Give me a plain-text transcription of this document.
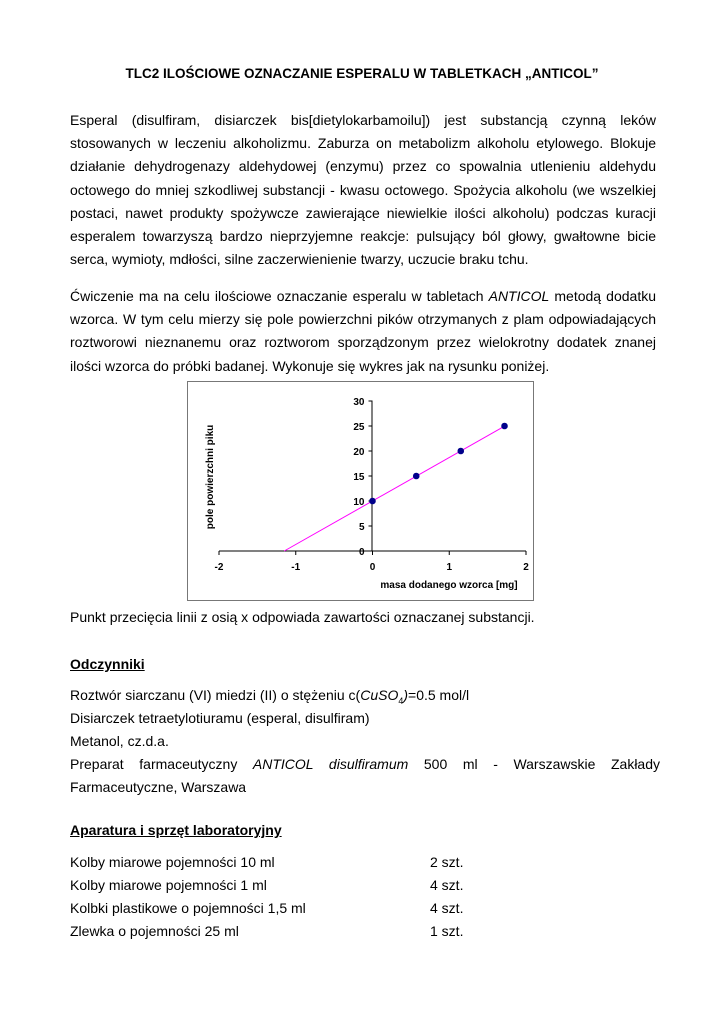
TLC2 ILOŚCIOWE OZNACZANIE ESPERALU W TABLETKACH „ANTICOL”

Esperal (disulfiram, disiarczek bis[dietylokarbamoilu]) jest substancją czynną leków stosowanych w leczeniu alkoholizmu. Zaburza on metabolizm alkoholu etylowego. Blokuje działanie dehydrogenazy aldehydowej (enzymu) przez co spowalnia utlenieniu aldehydu octowego do mniej szkodliwej substancji - kwasu octowego. Spożycia alkoholu (we wszelkiej postaci, nawet produkty spożywcze zawierające niewielkie ilości alkoholu) podczas kuracji esperalem towarzyszą bardzo nieprzyjemne reakcje: pulsujący ból głowy, gwałtowne bicie serca, wymioty, mdłości, silne zaczerwienienie twarzy, uczucie braku tchu.

Ćwiczenie ma na celu ilościowe oznaczanie esperalu w tabletach ANTICOL metodą dodatku wzorca. W tym celu mierzy się pole powierzchni pików otrzymanych z plam odpowiadających roztworowi nieznanemu oraz roztworom sporządzonym przez wielokrotny dodatek znanej ilości wzorca do próbki badanej. Wykonuje się wykres jak na rysunku poniżej.

0
5
10
15
20
25
30
-2	-1	0	1	2
pole powierzchni piku
masa dodanego wzorca [mg]
Punkt przecięcia linii z osią x odpowiada zawartości oznaczanej substancji.
Odczynniki
Roztwór siarczanu (VI) miedzi (II) o stężeniu c(CuSO$_4$)=0.5 mol/l
Disiarczek tetraetylotiuramu (esperal, disulfiram)
Metanol, cz.d.a.
Preparat farmaceutyczny ANTICOL disulfiramum 500 ml - Warszawskie Zakłady Farmaceutyczne, Warszawa
Aparatura i sprzęt laboratoryjny
Kolby miarowe pojemności 10 ml	2 szt.
Kolby miarowe pojemności 1 ml	4 szt.
Kolbki plastikowe o pojemności 1,5 ml	4 szt.
Zlewka o pojemności 25 ml	1 szt.
